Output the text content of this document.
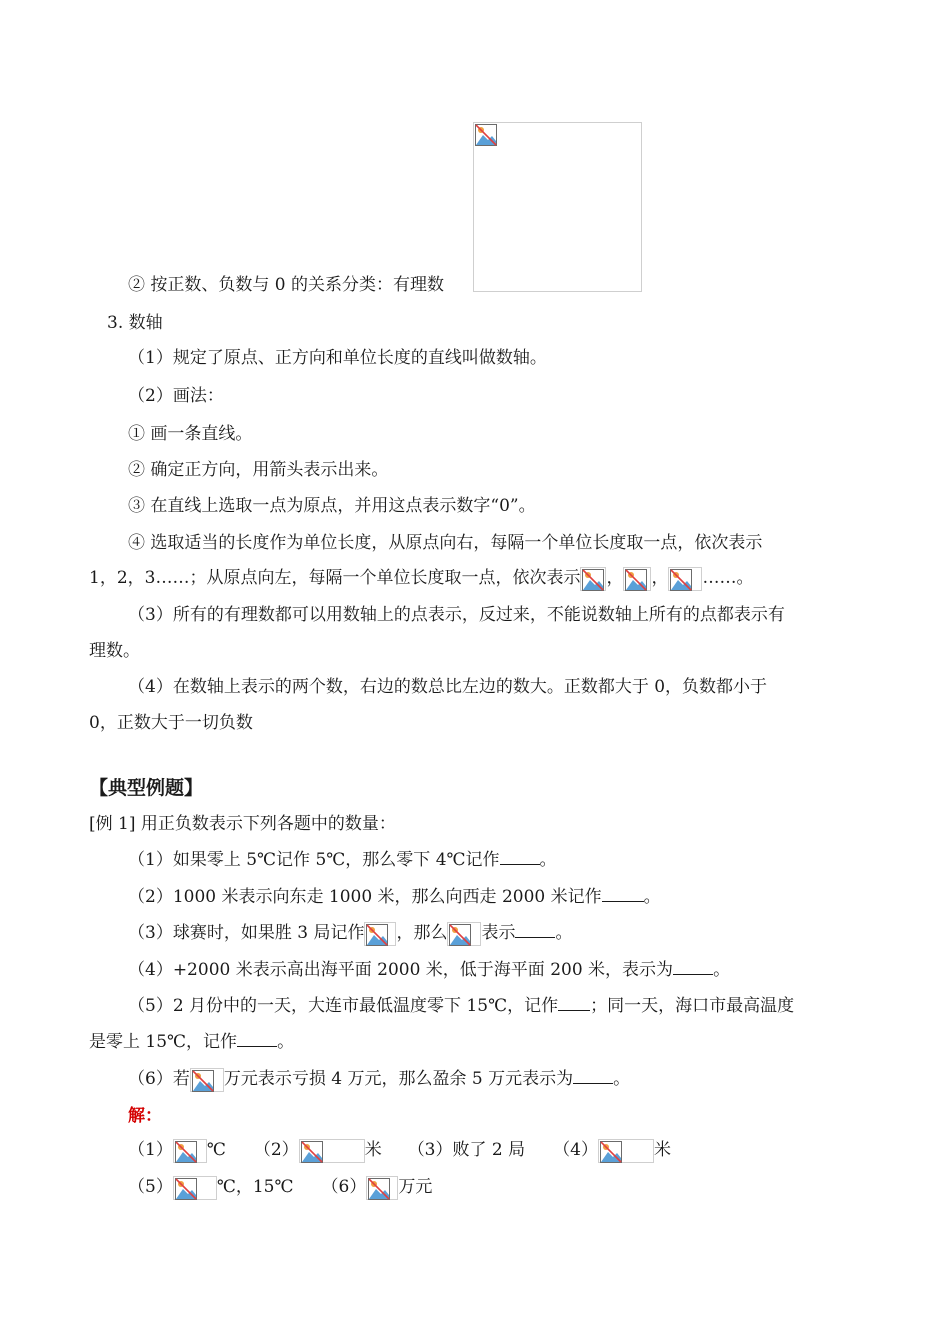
② 按正数、负数与 0 的关系分类：有理数
3. 数轴
（1）规定了原点、正方向和单位长度的直线叫做数轴。
（2）画法：
① 画一条直线。
② 确定正方向，用箭头表示出来。
③ 在直线上选取一点为原点，并用这点表示数字“0”。
④ 选取适当的长度作为单位长度，从原点向右，每隔一个单位长度取一点，依次表示
1，2，3……；从原点向左，每隔一个单位长度取一点，依次表示 ， ， ……。
（3）所有的有理数都可以用数轴上的点表示，反过来，不能说数轴上所有的点都表示有
理数。
（4）在数轴上表示的两个数，右边的数总比左边的数大。正数都大于 0，负数都小于
0，正数大于一切负数
【典型例题】
[例 1] 用正负数表示下列各题中的数量：
（1）如果零上 5℃记作 5℃，那么零下 4℃记作 。
（2）1000 米表示向东走 1000 米，那么向西走 2000 米记作 。
（3）球赛时，如果胜 3 局记作 ，那么 表示 。
（4）+2000 米表示高出海平面 2000 米，低于海平面 200 米，表示为 。
（5）2 月份中的一天，大连市最低温度零下 15℃，记作 ；同一天，海口市最高温度
是零上 15℃，记作 。
（6）若 万元表示亏损 4 万元，那么盈余 5 万元表示为 。
解：
（1） ℃ （2）	米 （3）败了 2 局 （4）	米
（5）	℃，15℃ （6） 万元
